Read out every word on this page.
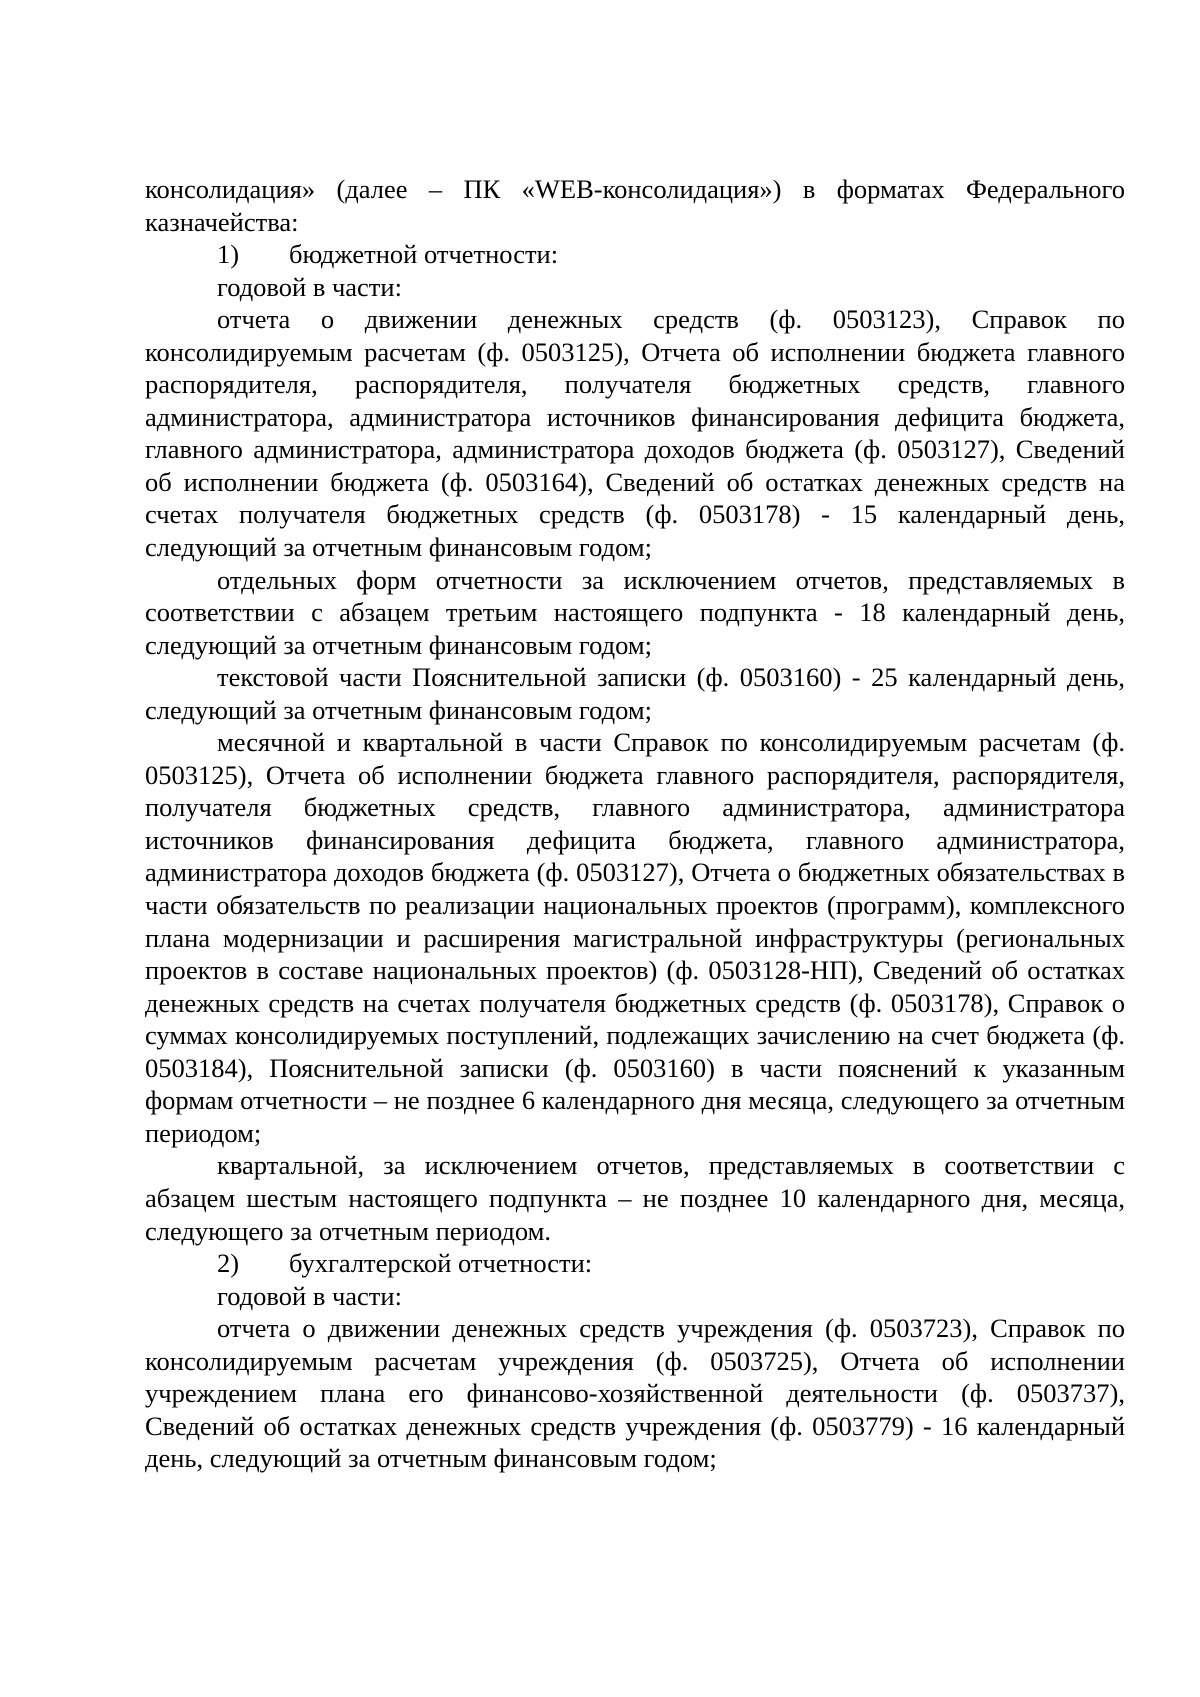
консолидация» (далее – ПК «WEB-консолидация») в форматах Федерального казначейства:

1) бюджетной отчетности:

годовой в части:

отчета о движении денежных средств (ф. 0503123), Справок по консолидируемым расчетам (ф. 0503125), Отчета об исполнении бюджета главного распорядителя, распорядителя, получателя бюджетных средств, главного администратора, администратора источников финансирования дефицита бюджета, главного администратора, администратора доходов бюджета (ф. 0503127), Сведений об исполнении бюджета (ф. 0503164), Сведений об остатках денежных средств на счетах получателя бюджетных средств (ф. 0503178) - 15 календарный день, следующий за отчетным финансовым годом;

отдельных форм отчетности за исключением отчетов, представляемых в соответствии с абзацем третьим настоящего подпункта - 18 календарный день, следующий за отчетным финансовым годом;

текстовой части Пояснительной записки (ф. 0503160) - 25 календарный день, следующий за отчетным финансовым годом;

месячной и квартальной в части Справок по консолидируемым расчетам (ф. 0503125), Отчета об исполнении бюджета главного распорядителя, распорядителя, получателя бюджетных средств, главного администратора, администратора источников финансирования дефицита бюджета, главного администратора, администратора доходов бюджета (ф. 0503127), Отчета о бюджетных обязательствах в части обязательств по реализации национальных проектов (программ), комплексного плана модернизации и расширения магистральной инфраструктуры (региональных проектов в составе национальных проектов) (ф. 0503128-НП), Сведений об остатках денежных средств на счетах получателя бюджетных средств (ф. 0503178), Справок о суммах консолидируемых поступлений, подлежащих зачислению на счет бюджета (ф. 0503184), Пояснительной записки (ф. 0503160) в части пояснений к указанным формам отчетности – не позднее 6 календарного дня месяца, следующего за отчетным периодом;

квартальной, за исключением отчетов, представляемых в соответствии с абзацем шестым настоящего подпункта – не позднее 10 календарного дня, месяца, следующего за отчетным периодом.

2) бухгалтерской отчетности:

годовой в части:

отчета о движении денежных средств учреждения (ф. 0503723), Справок по консолидируемым расчетам учреждения (ф. 0503725), Отчета об исполнении учреждением плана его финансово-хозяйственной деятельности (ф. 0503737), Сведений об остатках денежных средств учреждения (ф. 0503779) - 16 календарный день, следующий за отчетным финансовым годом;
